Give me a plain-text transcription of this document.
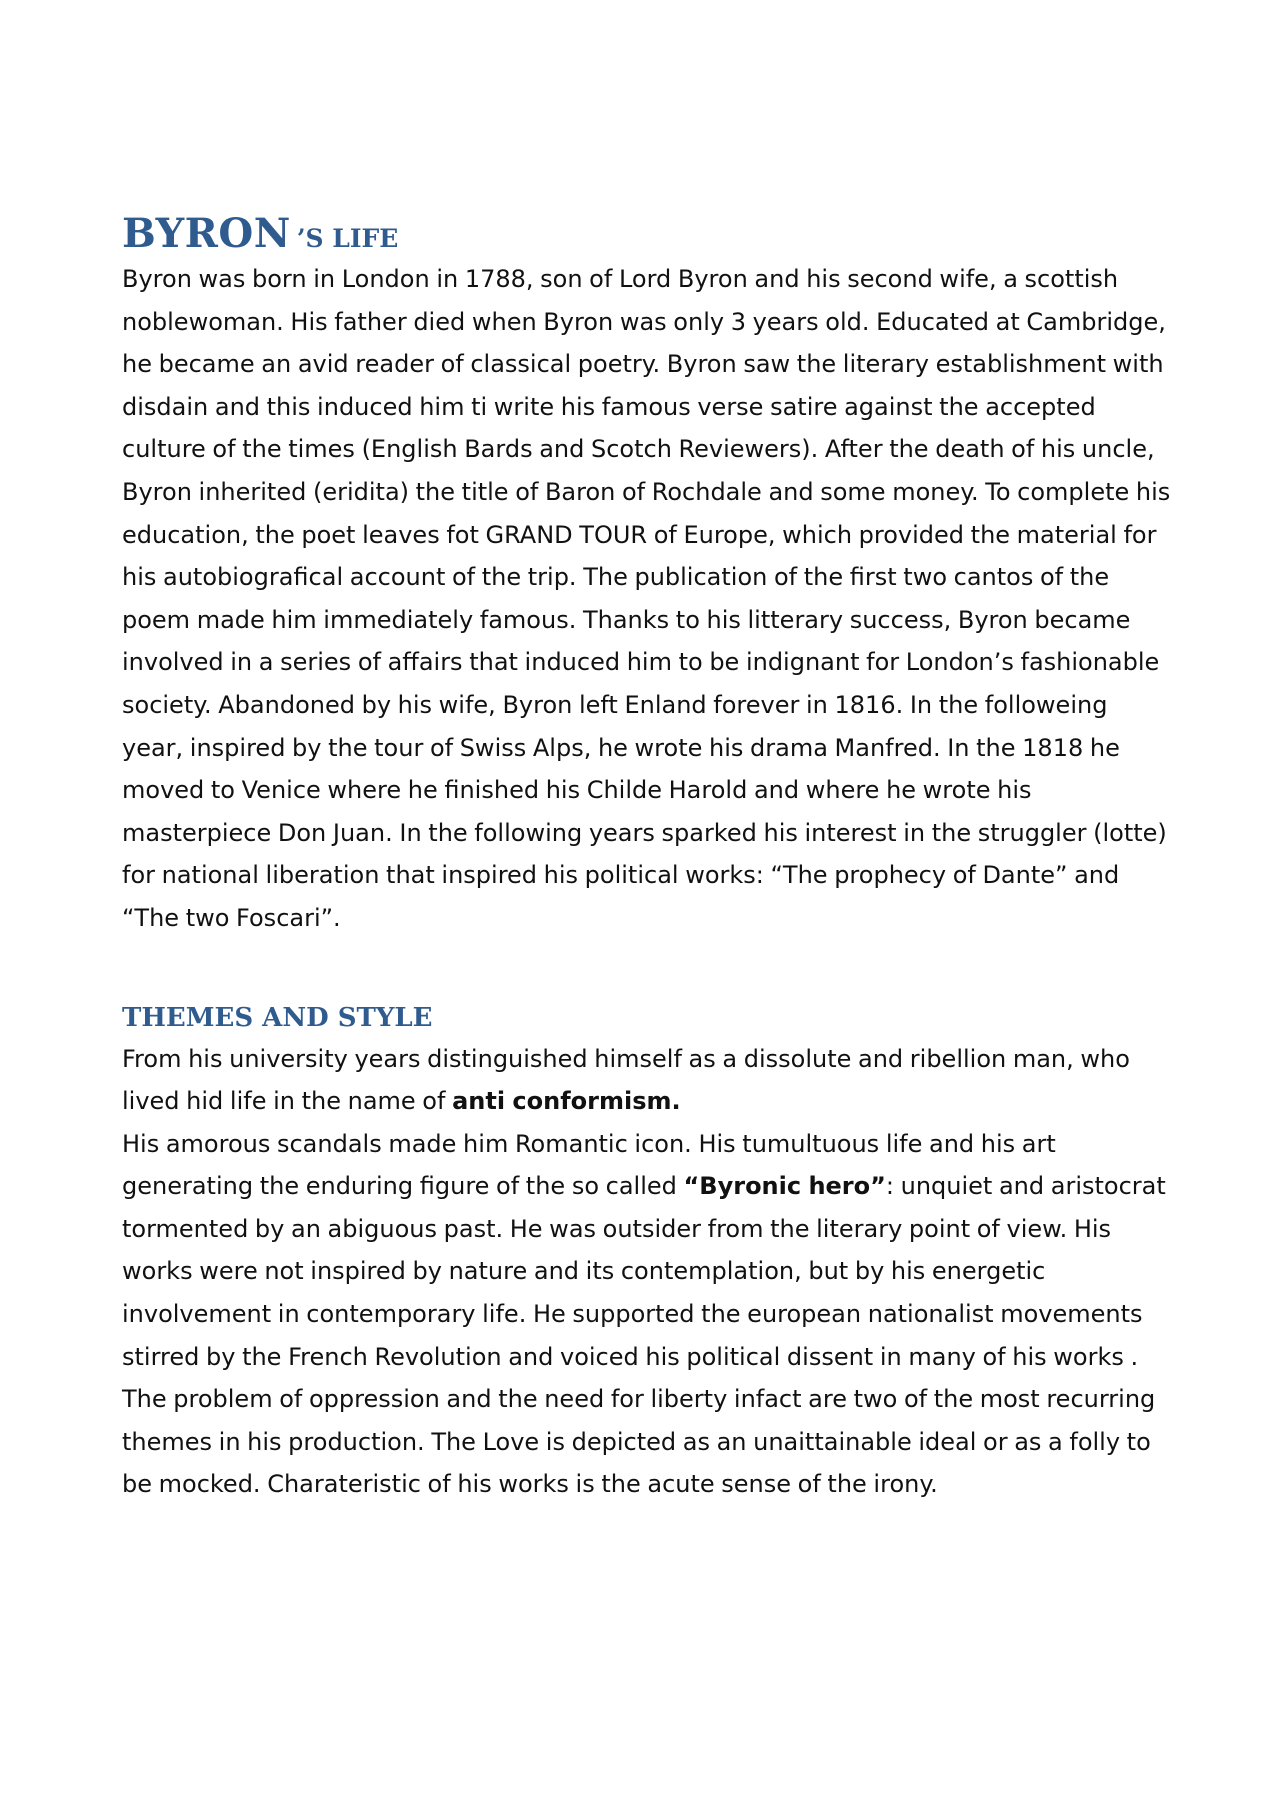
BYRON ’S LIFE

Byron was born in London in 1788, son of Lord Byron and his second wife, a scottish noblewoman. His father died when Byron was only 3 years old. Educated at Cambridge, he became an avid reader of classical poetry. Byron saw the literary establishment with disdain and this induced him ti write his famous verse satire against the accepted culture of the times (English Bards and Scotch Reviewers). After the death of his uncle, Byron inherited (eridita) the title of Baron of Rochdale and some money. To complete his education, the poet leaves fot GRAND TOUR of Europe, which provided the material for his autobiografical account of the trip. The publication of the first two cantos of the poem made him immediately famous. Thanks to his litterary success, Byron became involved in a series of affairs that induced him to be indignant for London’s fashionable society. Abandoned by his wife, Byron left Enland forever in 1816. In the followeing year, inspired by the tour of Swiss Alps, he wrote his drama Manfred. In the 1818 he moved to Venice where he finished his Childe Harold and where he wrote his masterpiece Don Juan. In the following years sparked his interest in the struggler (lotte) for national liberation that inspired his political works: “The prophecy of Dante” and “The two Foscari”.

THEMES AND STYLE

From his university years distinguished himself as a dissolute and ribellion man, who lived hid life in the name of anti conformism.

His amorous scandals made him Romantic icon. His tumultuous life and his art generating the enduring figure of the so called “Byronic hero”: unquiet and aristocrat tormented by an abiguous past. He was outsider from the literary point of view. His works were not inspired by nature and its contemplation, but by his energetic involvement in contemporary life. He supported the european nationalist movements stirred by the French Revolution and voiced his political dissent in many of his works . The problem of oppression and the need for liberty infact are two of the most recurring themes in his production. The Love is depicted as an unaittainable ideal or as a folly to be mocked. Charateristic of his works is the acute sense of the irony.
